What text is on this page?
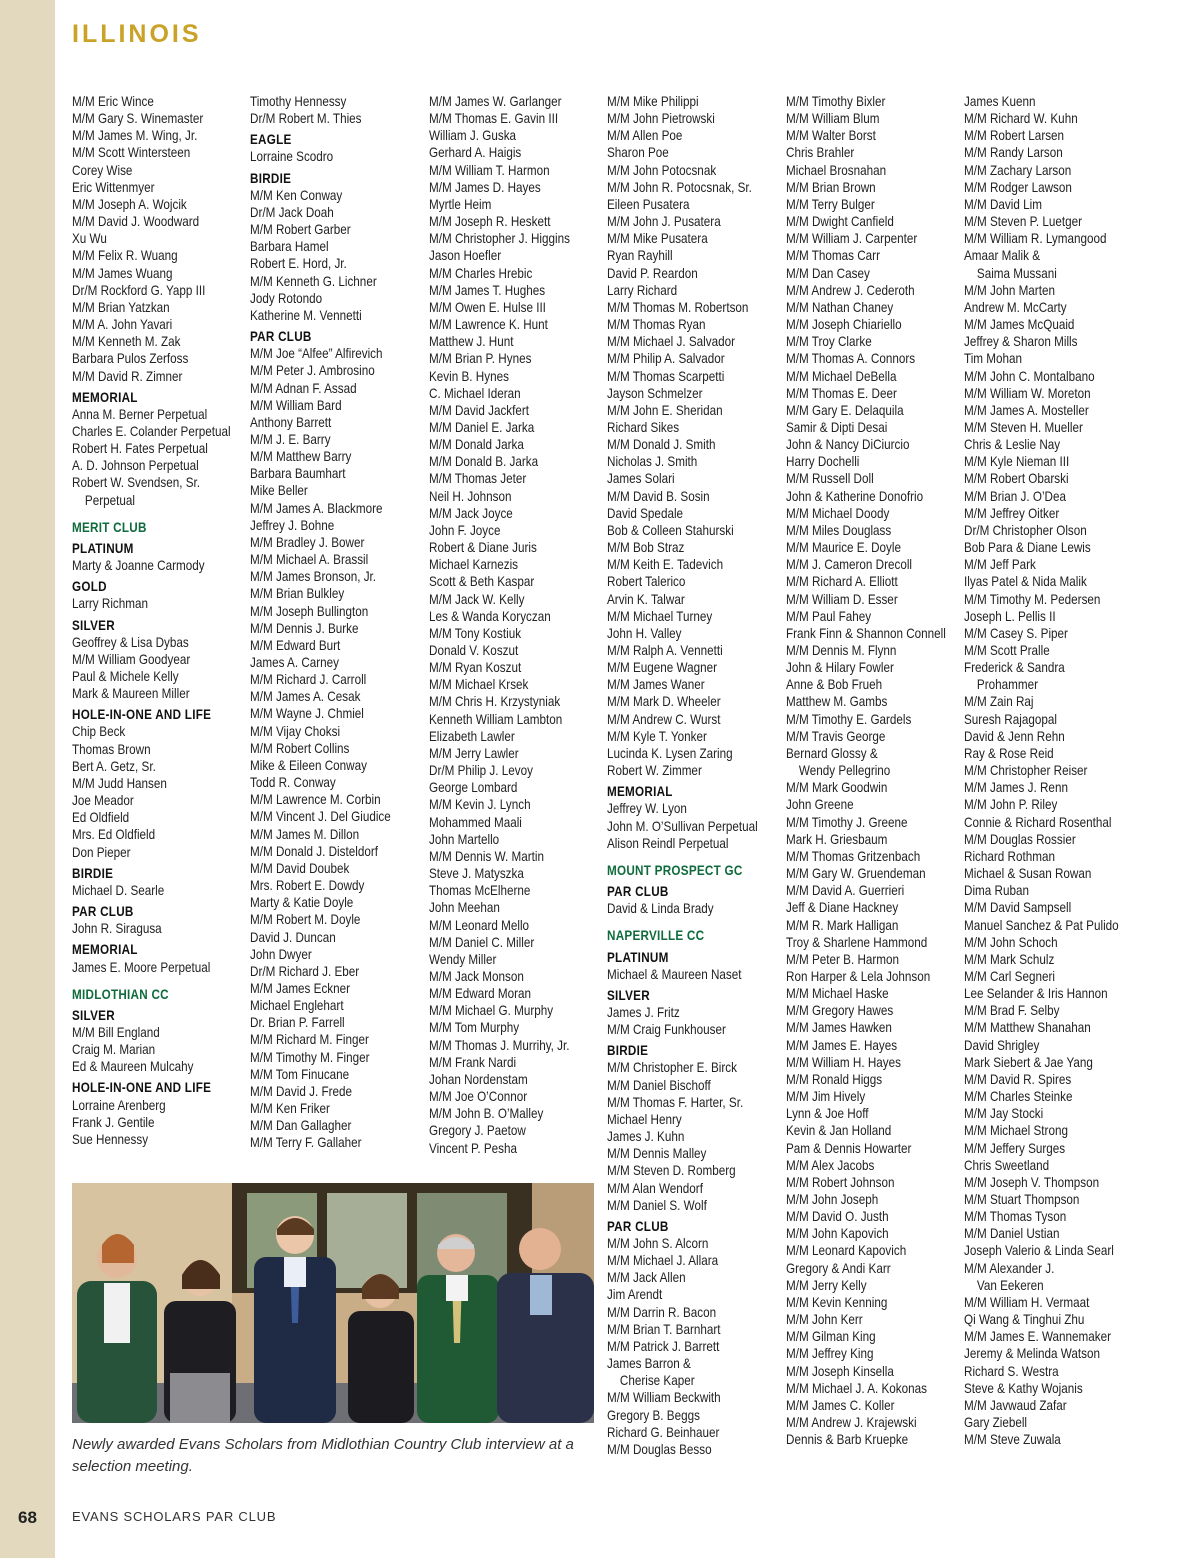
ILLINOIS
M/M Eric Wince
M/M Gary S. Winemaster
M/M James M. Wing, Jr.
M/M Scott Wintersteen
Corey Wise
Eric Wittenmyer
M/M Joseph A. Wojcik
M/M David J. Woodward
Xu Wu
M/M Felix R. Wuang
M/M James Wuang
Dr/M Rockford G. Yapp III
M/M Brian Yatzkan
M/M A. John Yavari
M/M Kenneth M. Zak
Barbara Pulos Zerfoss
M/M David R. Zimner
MEMORIAL
Anna M. Berner Perpetual
Charles E. Colander Perpetual
Robert H. Fates Perpetual
A. D. Johnson Perpetual
Robert W. Svendsen, Sr.
Perpetual
MERIT CLUB
PLATINUM
Marty & Joanne Carmody
GOLD
Larry Richman
SILVER
Geoffrey & Lisa Dybas
M/M William Goodyear
Paul & Michele Kelly
Mark & Maureen Miller
HOLE-IN-ONE AND LIFE
Chip Beck
Thomas Brown
Bert A. Getz, Sr.
M/M Judd Hansen
Joe Meador
Ed Oldfield
Mrs. Ed Oldfield
Don Pieper
BIRDIE
Michael D. Searle
PAR CLUB
John R. Siragusa
MEMORIAL
James E. Moore Perpetual
MIDLOTHIAN CC
SILVER
M/M Bill England
Craig M. Marian
Ed & Maureen Mulcahy
HOLE-IN-ONE AND LIFE
Lorraine Arenberg
Frank J. Gentile
Sue Hennessy
Timothy Hennessy
Dr/M Robert M. Thies
EAGLE
Lorraine Scodro
BIRDIE
M/M Ken Conway
Dr/M Jack Doah
M/M Robert Garber
Barbara Hamel
Robert E. Hord, Jr.
M/M Kenneth G. Lichner
Jody Rotondo
Katherine M. Vennetti
PAR CLUB
M/M Joe “Alfee” Alfirevich
M/M Peter J. Ambrosino
M/M Adnan F. Assad
M/M William Bard
Anthony Barrett
M/M J. E. Barry
M/M Matthew Barry
Barbara Baumhart
Mike Beller
M/M James A. Blackmore
Jeffrey J. Bohne
M/M Bradley J. Bower
M/M Michael A. Brassil
M/M James Bronson, Jr.
M/M Brian Bulkley
M/M Joseph Bullington
M/M Dennis J. Burke
M/M Edward Burt
James A. Carney
M/M Richard J. Carroll
M/M James A. Cesak
M/M Wayne J. Chmiel
M/M Vijay Choksi
M/M Robert Collins
Mike & Eileen Conway
Todd R. Conway
M/M Lawrence M. Corbin
M/M Vincent J. Del Giudice
M/M James M. Dillon
M/M Donald J. Disteldorf
M/M David Doubek
Mrs. Robert E. Dowdy
Marty & Katie Doyle
M/M Robert M. Doyle
David J. Duncan
John Dwyer
Dr/M Richard J. Eber
M/M James Eckner
Michael Englehart
Dr. Brian P. Farrell
M/M Richard M. Finger
M/M Timothy M. Finger
M/M Tom Finucane
M/M David J. Frede
M/M Ken Friker
M/M Dan Gallagher
M/M Terry F. Gallaher
M/M James W. Garlanger
M/M Thomas E. Gavin III
William J. Guska
Gerhard A. Haigis
M/M William T. Harmon
M/M James D. Hayes
Myrtle Heim
M/M Joseph R. Heskett
M/M Christopher J. Higgins
Jason Hoefler
M/M Charles Hrebic
M/M James T. Hughes
M/M Owen E. Hulse III
M/M Lawrence K. Hunt
Matthew J. Hunt
M/M Brian P. Hynes
Kevin B. Hynes
C. Michael Ideran
M/M David Jackfert
M/M Daniel E. Jarka
M/M Donald Jarka
M/M Donald B. Jarka
M/M Thomas Jeter
Neil H. Johnson
M/M Jack Joyce
John F. Joyce
Robert & Diane Juris
Michael Karnezis
Scott & Beth Kaspar
M/M Jack W. Kelly
Les & Wanda Koryczan
M/M Tony Kostiuk
Donald V. Koszut
M/M Ryan Koszut
M/M Michael Krsek
M/M Chris H. Krzystyniak
Kenneth William Lambton
Elizabeth Lawler
M/M Jerry Lawler
Dr/M Philip J. Levoy
George Lombard
M/M Kevin J. Lynch
Mohammed Maali
John Martello
M/M Dennis W. Martin
Steve J. Matyszka
Thomas McElherne
John Meehan
M/M Leonard Mello
M/M Daniel C. Miller
Wendy Miller
M/M Jack Monson
M/M Edward Moran
M/M Michael G. Murphy
M/M Tom Murphy
M/M Thomas J. Murrihy, Jr.
M/M Frank Nardi
Johan Nordenstam
M/M Joe O’Connor
M/M John B. O’Malley
Gregory J. Paetow
Vincent P. Pesha
M/M Mike Philippi
M/M John Pietrowski
M/M Allen Poe
Sharon Poe
M/M John Potocsnak
M/M John R. Potocsnak, Sr.
Eileen Pusatera
M/M John J. Pusatera
M/M Mike Pusatera
Ryan Rayhill
David P. Reardon
Larry Richard
M/M Thomas M. Robertson
M/M Thomas Ryan
M/M Michael J. Salvador
M/M Philip A. Salvador
M/M Thomas Scarpetti
Jayson Schmelzer
M/M John E. Sheridan
Richard Sikes
M/M Donald J. Smith
Nicholas J. Smith
James Solari
M/M David B. Sosin
David Spedale
Bob & Colleen Stahurski
M/M Bob Straz
M/M Keith E. Tadevich
Robert Talerico
Arvin K. Talwar
M/M Michael Turney
John H. Valley
M/M Ralph A. Vennetti
M/M Eugene Wagner
M/M James Waner
M/M Mark D. Wheeler
M/M Andrew C. Wurst
M/M Kyle T. Yonker
Lucinda K. Lysen Zaring
Robert W. Zimmer
MEMORIAL
Jeffrey W. Lyon
John M. O’Sullivan Perpetual
Alison Reindl Perpetual
MOUNT PROSPECT GC
PAR CLUB
David & Linda Brady
NAPERVILLE CC
PLATINUM
Michael & Maureen Naset
SILVER
James J. Fritz
M/M Craig Funkhouser
BIRDIE
M/M Christopher E. Birck
M/M Daniel Bischoff
M/M Thomas F. Harter, Sr.
Michael Henry
James J. Kuhn
M/M Dennis Malley
M/M Steven D. Romberg
M/M Alan Wendorf
M/M Daniel S. Wolf
PAR CLUB
M/M John S. Alcorn
M/M Michael J. Allara
M/M Jack Allen
Jim Arendt
M/M Darrin R. Bacon
M/M Brian T. Barnhart
M/M Patrick J. Barrett
James Barron &
Cherise Kaper
M/M William Beckwith
Gregory B. Beggs
Richard G. Beinhauer
M/M Douglas Besso
M/M Timothy Bixler
M/M William Blum
M/M Walter Borst
Chris Brahler
Michael Brosnahan
M/M Brian Brown
M/M Terry Bulger
M/M Dwight Canfield
M/M William J. Carpenter
M/M Thomas Carr
M/M Dan Casey
M/M Andrew J. Cederoth
M/M Nathan Chaney
M/M Joseph Chiariello
M/M Troy Clarke
M/M Thomas A. Connors
M/M Michael DeBella
M/M Thomas E. Deer
M/M Gary E. Delaquila
Samir & Dipti Desai
John & Nancy DiCiurcio
Harry Dochelli
M/M Russell Doll
John & Katherine Donofrio
M/M Michael Doody
M/M Miles Douglass
M/M Maurice E. Doyle
M/M J. Cameron Drecoll
M/M Richard A. Elliott
M/M William D. Esser
M/M Paul Fahey
Frank Finn & Shannon Connell
M/M Dennis M. Flynn
John & Hilary Fowler
Anne & Bob Frueh
Matthew M. Gambs
M/M Timothy E. Gardels
M/M Travis George
Bernard Glossy &
Wendy Pellegrino
M/M Mark Goodwin
John Greene
M/M Timothy J. Greene
Mark H. Griesbaum
M/M Thomas Gritzenbach
M/M Gary W. Gruendeman
M/M David A. Guerrieri
Jeff & Diane Hackney
M/M R. Mark Halligan
Troy & Sharlene Hammond
M/M Peter B. Harmon
Ron Harper & Lela Johnson
M/M Michael Haske
M/M Gregory Hawes
M/M James Hawken
M/M James E. Hayes
M/M William H. Hayes
M/M Ronald Higgs
M/M Jim Hively
Lynn & Joe Hoff
Kevin & Jan Holland
Pam & Dennis Howarter
M/M Alex Jacobs
M/M Robert Johnson
M/M John Joseph
M/M David O. Justh
M/M John Kapovich
M/M Leonard Kapovich
Gregory & Andi Karr
M/M Jerry Kelly
M/M Kevin Kenning
M/M John Kerr
M/M Gilman King
M/M Jeffrey King
M/M Joseph Kinsella
M/M Michael J. A. Kokonas
M/M James C. Koller
M/M Andrew J. Krajewski
Dennis & Barb Kruepke
James Kuenn
M/M Richard W. Kuhn
M/M Robert Larsen
M/M Randy Larson
M/M Zachary Larson
M/M Rodger Lawson
M/M David Lim
M/M Steven P. Luetger
M/M William R. Lymangood
Amaar Malik &
Saima Mussani
M/M John Marten
Andrew M. McCarty
M/M James McQuaid
Jeffrey & Sharon Mills
Tim Mohan
M/M John C. Montalbano
M/M William W. Moreton
M/M James A. Mosteller
M/M Steven H. Mueller
Chris & Leslie Nay
M/M Kyle Nieman III
M/M Robert Obarski
M/M Brian J. O’Dea
M/M Jeffrey Oitker
Dr/M Christopher Olson
Bob Para & Diane Lewis
M/M Jeff Park
Ilyas Patel & Nida Malik
M/M Timothy M. Pedersen
Joseph L. Pellis II
M/M Casey S. Piper
M/M Scott Pralle
Frederick & Sandra
Prohammer
M/M Zain Raj
Suresh Rajagopal
David & Jenn Rehn
Ray & Rose Reid
M/M Christopher Reiser
M/M James J. Renn
M/M John P. Riley
Connie & Richard Rosenthal
M/M Douglas Rossier
Richard Rothman
Michael & Susan Rowan
Dima Ruban
M/M David Sampsell
Manuel Sanchez & Pat Pulido
M/M John Schoch
M/M Mark Schulz
M/M Carl Segneri
Lee Selander & Iris Hannon
M/M Brad F. Selby
M/M Matthew Shanahan
David Shrigley
Mark Siebert & Jae Yang
M/M David R. Spires
M/M Charles Steinke
M/M Jay Stocki
M/M Michael Strong
M/M Jeffery Surges
Chris Sweetland
M/M Joseph V. Thompson
M/M Stuart Thompson
M/M Thomas Tyson
M/M Daniel Ustian
Joseph Valerio & Linda Searl
M/M Alexander J.
Van Eekeren
M/M William H. Vermaat
Qi Wang & Tinghui Zhu
M/M James E. Wannemaker
Jeremy & Melinda Watson
Richard S. Westra
Steve & Kathy Wojanis
M/M Javwaud Zafar
Gary Ziebell
M/M Steve Zuwala
Newly awarded Evans Scholars from Midlothian Country Club interview at a selection meeting.
68	EVANS SCHOLARS PAR CLUB
